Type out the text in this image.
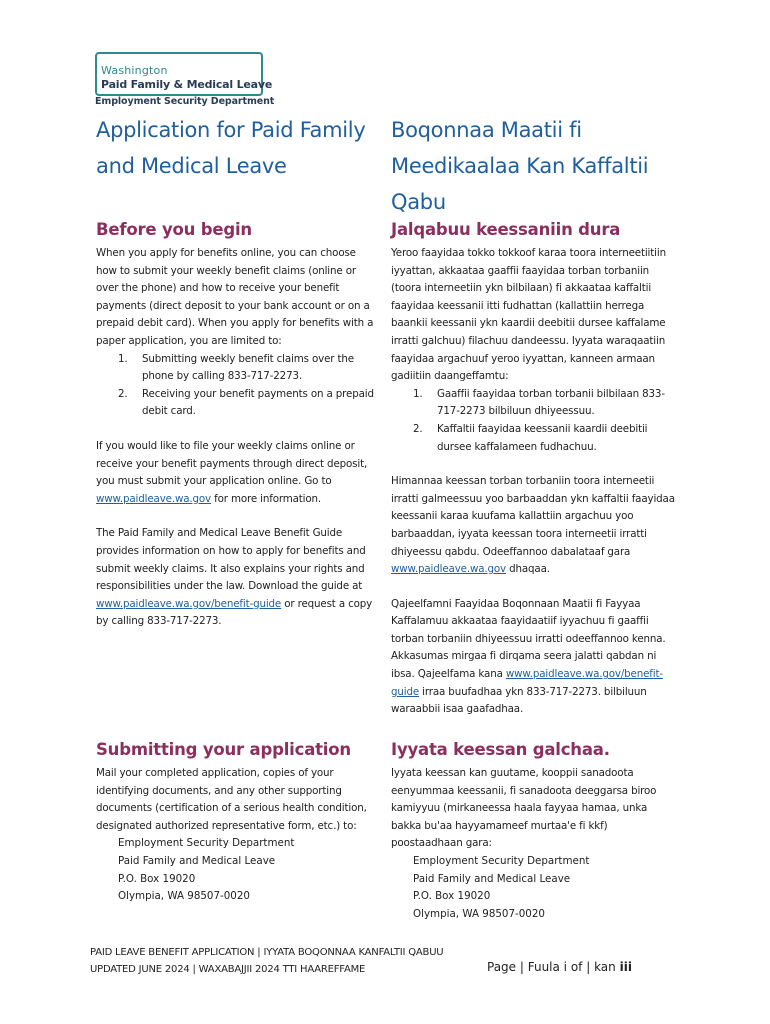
Washington
Paid Family & Medical Leave
Employment Security Department
Application for Paid Family
and Medical Leave
Boqonnaa Maatii fi
Meedikaalaa Kan Kaffaltii
Qabu
Before you begin

When you apply for benefits online, you can choose how to submit your weekly benefit claims (online or over the phone) and how to receive your benefit payments (direct deposit to your bank account or on a prepaid debit card). When you apply for benefits with a paper application, you are limited to:

1. Submitting weekly benefit claims over the phone by calling 833-717-2273.
2. Receiving your benefit payments on a prepaid debit card.

If you would like to file your weekly claims online or receive your benefit payments through direct deposit, you must submit your application online. Go to www.paidleave.wa.gov for more information.

The Paid Family and Medical Leave Benefit Guide provides information on how to apply for benefits and submit weekly claims. It also explains your rights and responsibilities under the law. Download the guide at www.paidleave.wa.gov/benefit-guide or request a copy by calling 833-717-2273.

Jalqabuu keessaniin dura

Yeroo faayidaa tokko tokkoof karaa toora interneetiitiin iyyattan, akkaataa gaaffii faayidaa torban torbaniin (toora interneetiin ykn bilbilaan) fi akkaataa kaffaltii faayidaa keessanii itti fudhattan (kallattiin herrega baankii keessanii ykn kaardii deebitii dursee kaffalame irratti galchuu) filachuu dandeessu. Iyyata waraqaatiin faayidaa argachuuf yeroo iyyattan, kanneen armaan gadiitiin daangeffamtu:

1. Gaaffii faayidaa torban torbanii bilbilaan 833-717-2273 bilbiluun dhiyeessuu.
2. Kaffaltii faayidaa keessanii kaardii deebitii dursee kaffalameen fudhachuu.

Himannaa keessan torban torbaniin toora interneetii irratti galmeessuu yoo barbaaddan ykn kaffaltii faayidaa keessanii karaa kuufama kallattiin argachuu yoo barbaaddan, iyyata keessan toora interneetii irratti dhiyeessu qabdu. Odeeffannoo dabalataaf gara www.paidleave.wa.gov dhaqaa.

Qajeelfamni Faayidaa Boqonnaan Maatii fi Fayyaa Kaffalamuu akkaataa faayidaatiif iyyachuu fi gaaffii torban torbaniin dhiyeessuu irratti odeeffannoo kenna. Akkasumas mirgaa fi dirqama seera jalatti qabdan ni ibsa. Qajeelfama kana www.paidleave.wa.gov/benefit-guide irraa buufadhaa ykn 833-717-2273. bilbiluun waraabbii isaa gaafadhaa.

Submitting your application

Mail your completed application, copies of your identifying documents, and any other supporting documents (certification of a serious health condition, designated authorized representative form, etc.) to:

Employment Security Department
Paid Family and Medical Leave
P.O. Box 19020
Olympia, WA 98507-0020
Iyyata keessan galchaa.

Iyyata keessan kan guutame, kooppii sanadoota eenyummaa keessanii, fi sanadoota deeggarsa biroo kamiyyuu (mirkaneessa haala fayyaa hamaa, unka bakka bu'aa hayyamameef murtaa'e fi kkf) poostaadhaan gara:

Employment Security Department
Paid Family and Medical Leave
P.O. Box 19020
Olympia, WA 98507-0020
PAID LEAVE BENEFIT APPLICATION | IYYATA BOQONNAA KANFALTII QABUU
UPDATED JUNE 2024 | WAXABAJJII 2024 TTI HAAREFFAME	Page | Fuula i of | kan iii
